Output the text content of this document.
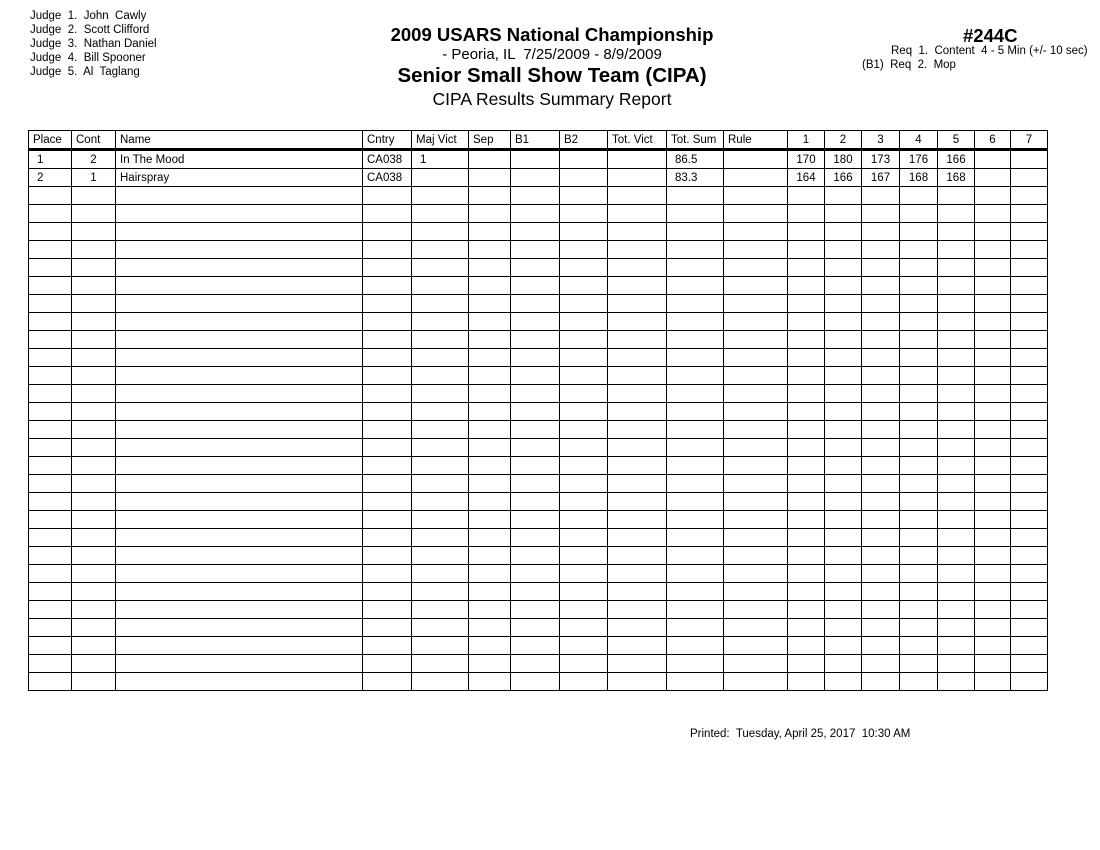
Judge  1.  John  Cawly
Judge  2.  Scott Clifford
Judge  3.  Nathan Daniel
Judge  4.  Bill Spooner
Judge  5.  Al  Taglang
2009 USARS National Championship
- Peoria, IL  7/25/2009 - 8/9/2009
Senior Small Show Team (CIPA)
CIPA Results Summary Report
#244C
Req  1.  Content  4 - 5 Min (+/- 10 sec)
(B1)  Req  2.  Mop
Place	Cont	Name	Cntry	Maj Vict	Sep	B1	B2	Tot. Vict	Tot. Sum	Rule	1	2	3	4	5	6	7
1	2	In The Mood	CA038	1					86.5		170	180	173	176	166		
2	1	Hairspray	CA038						83.3		164	166	167	168	168		

Printed:  Tuesday, April 25, 2017  10:30 AM
